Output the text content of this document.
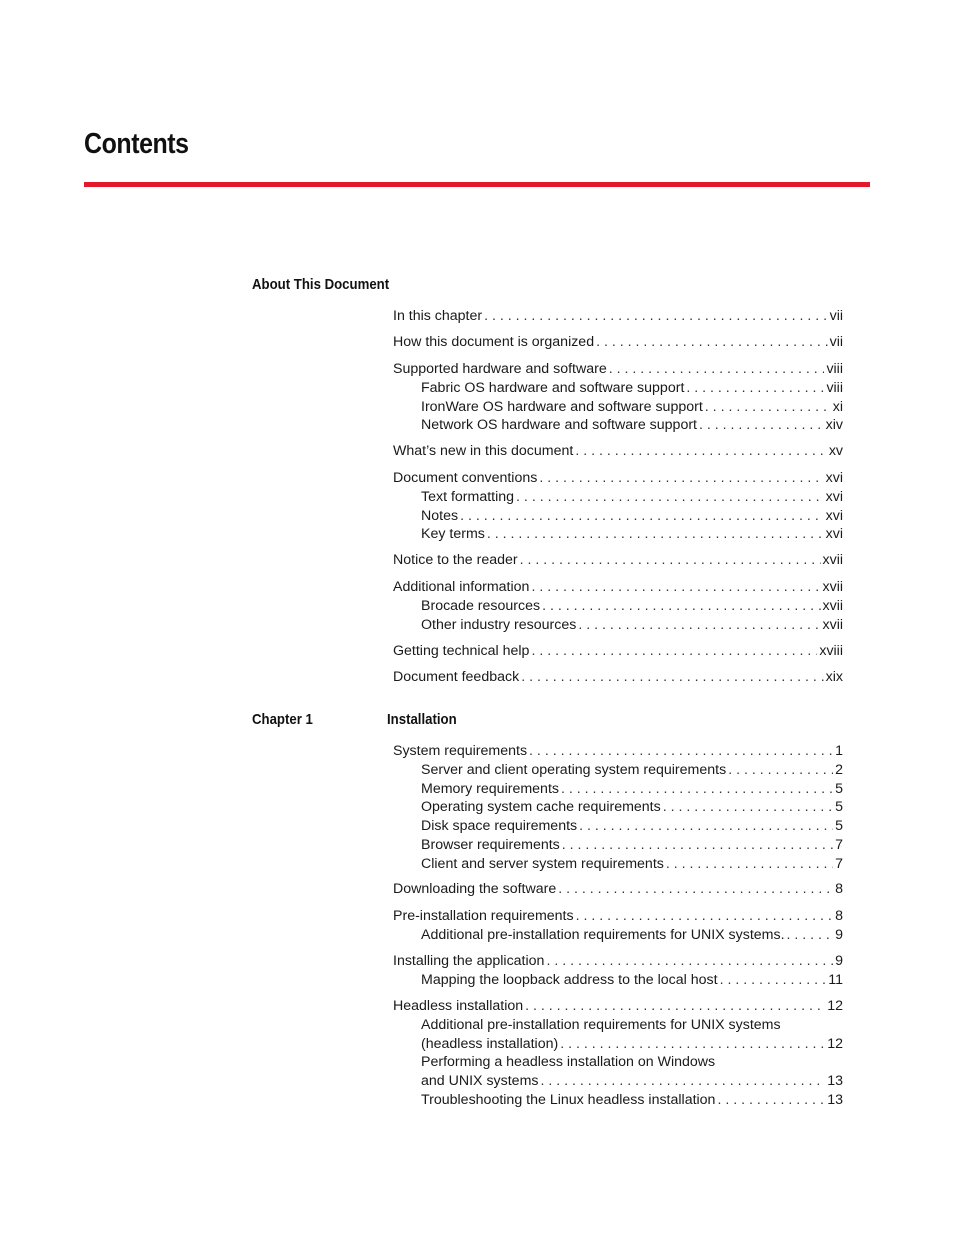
Contents
About This Document
In this chapter . . .	vii
How this document is organized . . .	vii
Supported hardware and software . . .	viii
Fabric OS hardware and software support . . .	viii
IronWare OS hardware and software support . . .	xi
Network OS hardware and software support . . .	xiv
What’s new in this document . . .	xv
Document conventions . . .	xvi
Text formatting . . .	xvi
Notes . . .	xvi
Key terms . . .	xvi
Notice to the reader . . .	xvii
Additional information . . .	xvii
Brocade resources . . .	xvii
Other industry resources . . .	xvii
Getting technical help . . .	xviii
Document feedback . . .	xix
Chapter 1	Installation
System requirements . . .	1
Server and client operating system requirements . . .	2
Memory requirements . . .	5
Operating system cache requirements . . .	5
Disk space requirements . . .	5
Browser requirements . . .	7
Client and server system requirements . . .	7
Downloading the software . . .	8
Pre-installation requirements . . .	8
Additional pre-installation requirements for UNIX systems. . . .	9
Installing the application . . .	9
Mapping the loopback address to the local host . . .	11
Headless installation . . .	12
Additional pre-installation requirements for UNIX systems
(headless installation) . . .	12
Performing a headless installation on Windows
and UNIX systems . . .	13
Troubleshooting the Linux headless installation . . .	13
